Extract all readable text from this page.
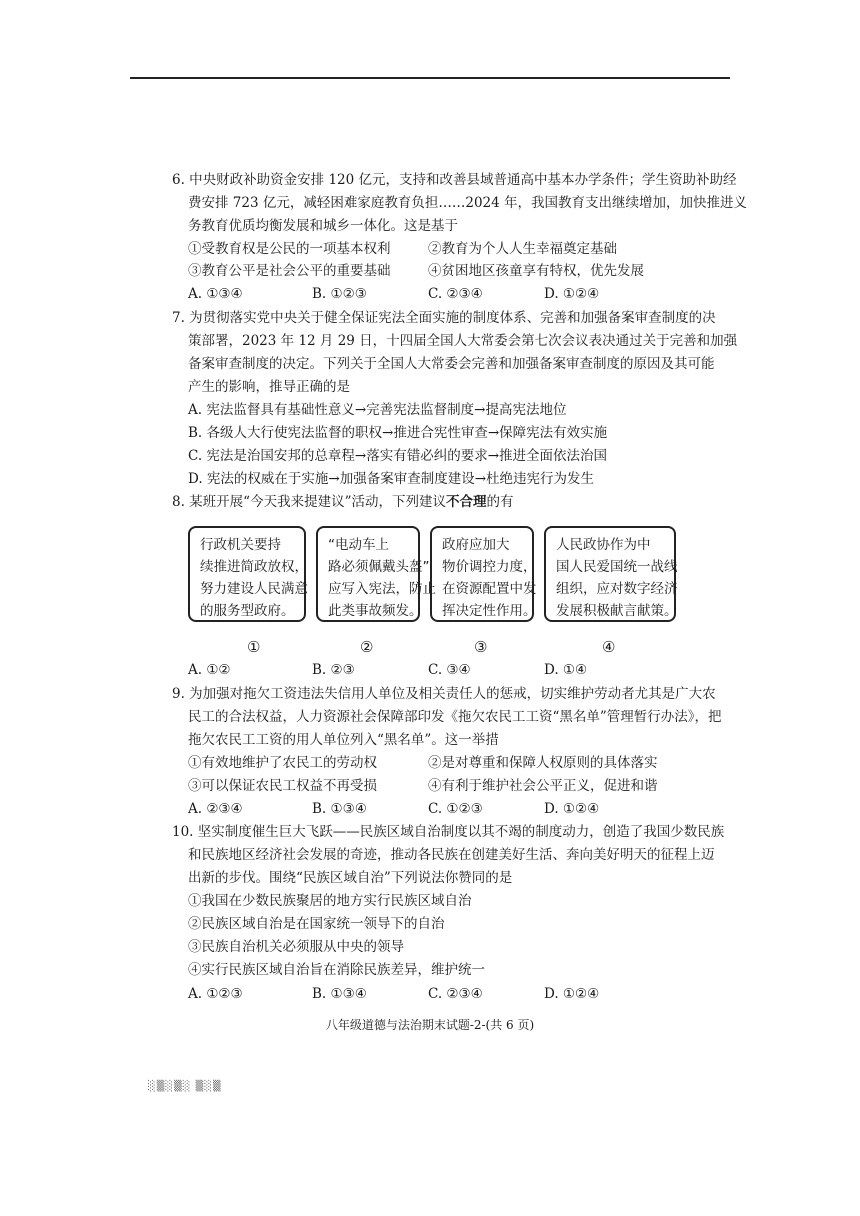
6. 中央财政补助资金安排 120 亿元，支持和改善县域普通高中基本办学条件；学生资助补助经
费安排 723 亿元，减轻困难家庭教育负担……2024 年，我国教育支出继续增加，加快推进义
务教育优质均衡发展和城乡一体化。这是基于
①受教育权是公民的一项基本权利	②教育为个人人生幸福奠定基础
③教育公平是社会公平的重要基础	④贫困地区孩童享有特权，优先发展
A. ①③④	B. ①②③	C. ②③④	D. ①②④
7. 为贯彻落实党中央关于健全保证宪法全面实施的制度体系、完善和加强备案审查制度的决
策部署，2023 年 12 月 29 日，十四届全国人大常委会第七次会议表决通过关于完善和加强
备案审查制度的决定。下列关于全国人大常委会完善和加强备案审查制度的原因及其可能
产生的影响，推导正确的是
A. 宪法监督具有基础性意义→完善宪法监督制度→提高宪法地位
B. 各级人大行使宪法监督的职权→推进合宪性审查→保障宪法有效实施
C. 宪法是治国安邦的总章程→落实有错必纠的要求→推进全面依法治国
D. 宪法的权威在于实施→加强备案审查制度建设→杜绝违宪行为发生
8. 某班开展“今天我来提建议”活动，下列建议不合理的有
行政机关要持
续推进简政放权，
努力建设人民满意
的服务型政府。
“电动车上
路必须佩戴头盔”
应写入宪法，防止
此类事故频发。
政府应加大
物价调控力度，
在资源配置中发
挥决定性作用。
人民政协作为中
国人民爱国统一战线
组织，应对数字经济
发展积极献言献策。
①	②	③	④
A. ①②	B. ②③	C. ③④	D. ①④
9. 为加强对拖欠工资违法失信用人单位及相关责任人的惩戒，切实维护劳动者尤其是广大农
民工的合法权益，人力资源社会保障部印发《拖欠农民工工资“黑名单”管理暂行办法》，把
拖欠农民工工资的用人单位列入“黑名单”。这一举措
①有效地维护了农民工的劳动权	②是对尊重和保障人权原则的具体落实
③可以保证农民工权益不再受损	④有利于维护社会公平正义，促进和谐
A. ②③④	B. ①③④	C. ①②③	D. ①②④
10. 坚实制度催生巨大飞跃——民族区域自治制度以其不竭的制度动力，创造了我国少数民族
和民族地区经济社会发展的奇迹，推动各民族在创建美好生活、奔向美好明天的征程上迈
出新的步伐。围绕“民族区域自治”下列说法你赞同的是
①我国在少数民族聚居的地方实行民族区域自治
②民族区域自治是在国家统一领导下的自治
③民族自治机关必须服从中央的领导
④实行民族区域自治旨在消除民族差异，维护统一
A. ①②③	B. ①③④	C. ②③④	D. ①②④
八年级道德与法治期末试题-2-(共 6 页)
░▒░▒░ ▒░▒
